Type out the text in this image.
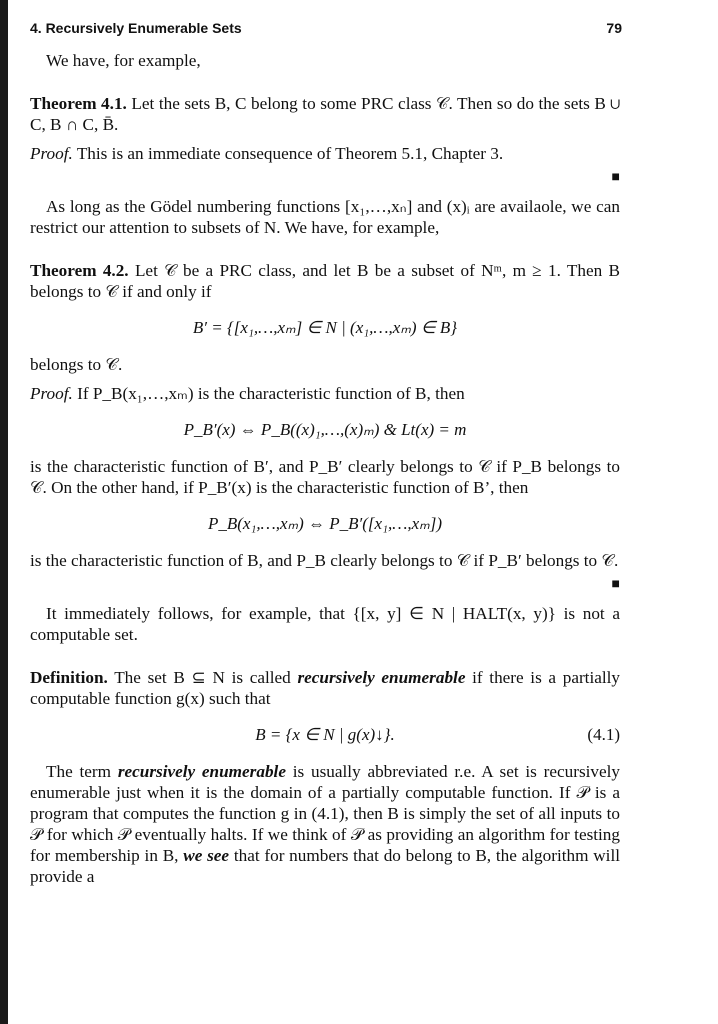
4. Recursively Enumerable Sets	79

We have, for example,

Theorem 4.1. Let the sets B, C belong to some PRC class 𝒞. Then so do the sets B ∪ C, B ∩ C, B̄.

Proof. This is an immediate consequence of Theorem 5.1, Chapter 3.

■

As long as the Gödel numbering functions [x₁,…,xₙ] and (x)ᵢ are availaole, we can restrict our attention to subsets of N. We have, for example,

Theorem 4.2. Let 𝒞 be a PRC class, and let B be a subset of Nᵐ, m ≥ 1. Then B belongs to 𝒞 if and only if

B′ = {[x₁,…,xₘ] ∈ N | (x₁,…,xₘ) ∈ B}

belongs to 𝒞.

Proof. If P_B(x₁,…,xₘ) is the characteristic function of B, then

P_B′(x) ⇔ P_B((x)₁,…,(x)ₘ) & Lt(x) = m

is the characteristic function of B′, and P_B′ clearly belongs to 𝒞 if P_B belongs to 𝒞. On the other hand, if P_B′(x) is the characteristic function of B’, then

P_B(x₁,…,xₘ) ⇔ P_B′([x₁,…,xₘ])

is the characteristic function of B, and P_B clearly belongs to 𝒞 if P_B′ belongs to 𝒞.

■

It immediately follows, for example, that {[x, y] ∈ N | HALT(x, y)} is not a computable set.

Definition. The set B ⊆ N is called recursively enumerable if there is a partially computable function g(x) such that

B = {x ∈ N | g(x)↓}.	(4.1)

The term recursively enumerable is usually abbreviated r.e. A set is recursively enumerable just when it is the domain of a partially computable function. If 𝒫 is a program that computes the function g in (4.1), then B is simply the set of all inputs to 𝒫 for which 𝒫 eventually halts. If we think of 𝒫 as providing an algorithm for testing for membership in B, we see that for numbers that do belong to B, the algorithm will provide a
